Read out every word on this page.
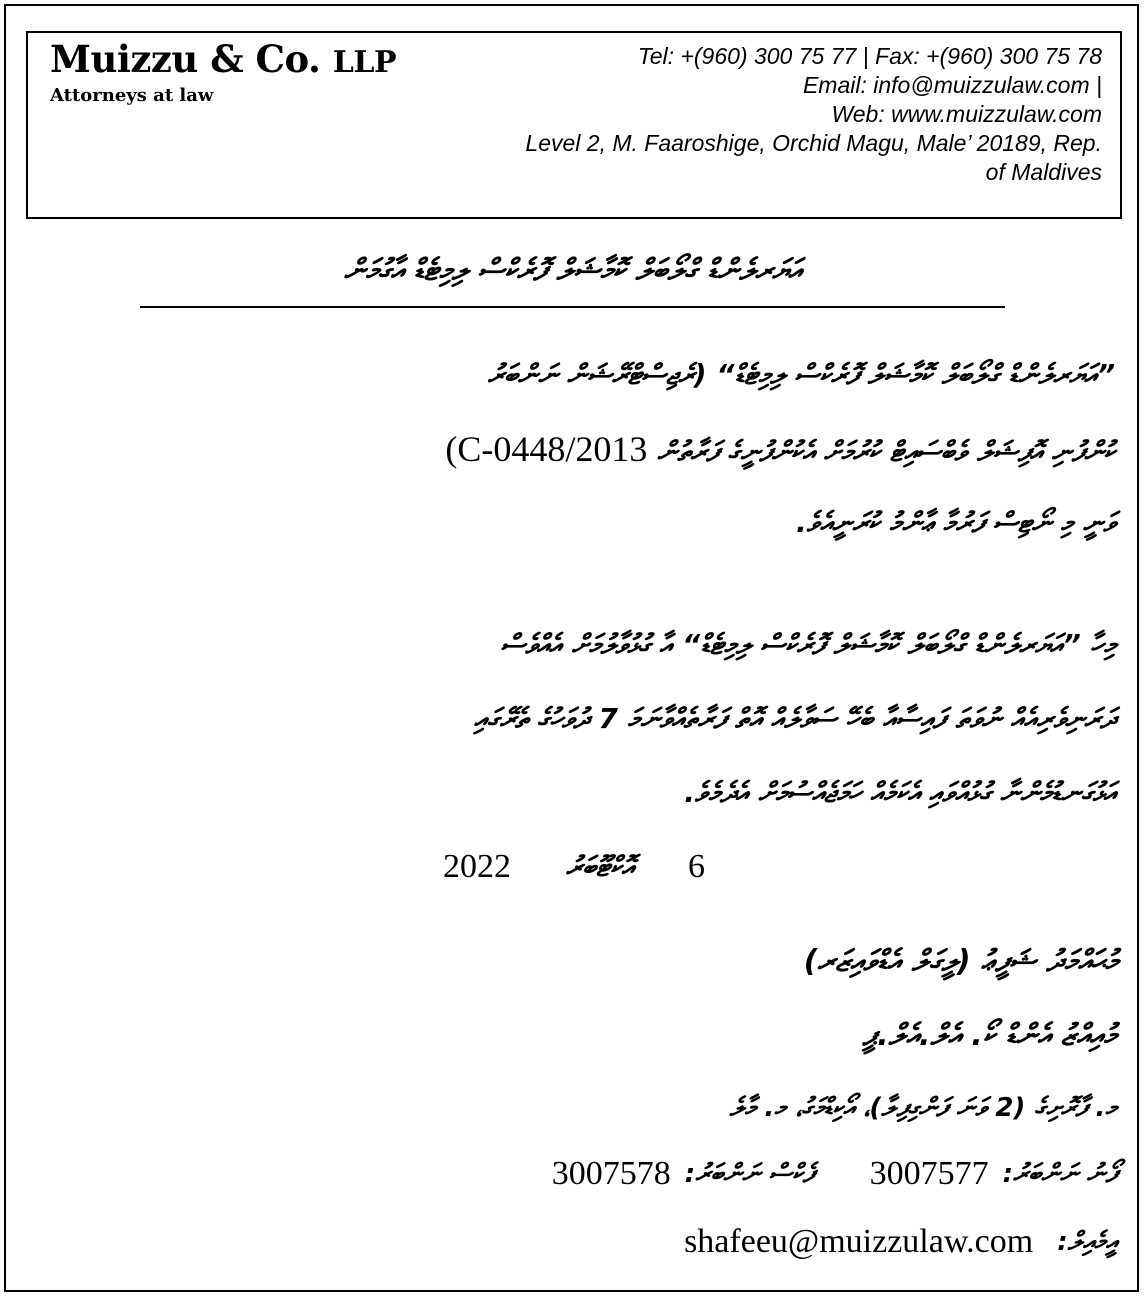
Muizzu & Co. LLP
Attorneys at law
Tel: +(960) 300 75 77 | Fax: +(960) 300 75 78
Email: info@muizzulaw.com |
Web: www.muizzulaw.com
Level 2, M. Faaroshige, Orchid Magu, Male’ 20189, Rep.
of Maldives
އަޔަރލެންޑް ގްލޯބަލް ކޮމާޝަލް ފޮރެކްސް ލިމިޓެޑް އާގުމަން
”އަޔަރލެންޑް ގްލޯބަލް ކޮމާޝަލް ފޮރެކްސް ލިމިޓެޑް“ (ރެޖިސްޓްރޭޝަން ނަންބަރު
ކުންފުނި އޮފިޝަލް ވެބްސައިޓް ކުރުމަށް އެކުންފުނީގެ ފަރާތުން (C-0448/2013
ވަނީ މި ނޯޓިސް ފަރުމާ ޢާންމު ކުރަނީއެވެ.
މިހާ ”އަޔަރލެންޑް ގްލޯބަލް ކޮމާޝަލް ފޮރެކްސް ލިމިޓެޑް“ އާ ގުޅުވާލުމަށް އެއްވެސް
ދަރަނިވެރިއެއް ނުވަތަ ފައިސާއާ ބެހޭ ސަވާލެއް އޮތް ފަރާތެއްވާނަމަ 7 ދުވަހުގެ ތެރޭގައި
އަޅުގަނޑުމެންނާ ގުޅުއްވައި އެކަމެއް ހަމަޖެއްސުމަށް އެދެމެވެ.
2022 އޮކްޓޫބަރު 6
މުޙައްމަދު ޝަފީޢު (ލީގަލް އެޑްވައިޒަރ)
މުއިއްޒު އެންޑް ކޯ. އެލް.އެލް.ޕީ
މ. ފާރޮށިގެ (2 ވަނަ ފަންގިފިލާ)، އޯކިޑްމަގު، މ. މާލެ
ފޯނު ނަންބަރު:
3007577
ފެކްސް ނަންބަރު:
3007578
އީމެއިލް:
shafeeu@muizzulaw.com
